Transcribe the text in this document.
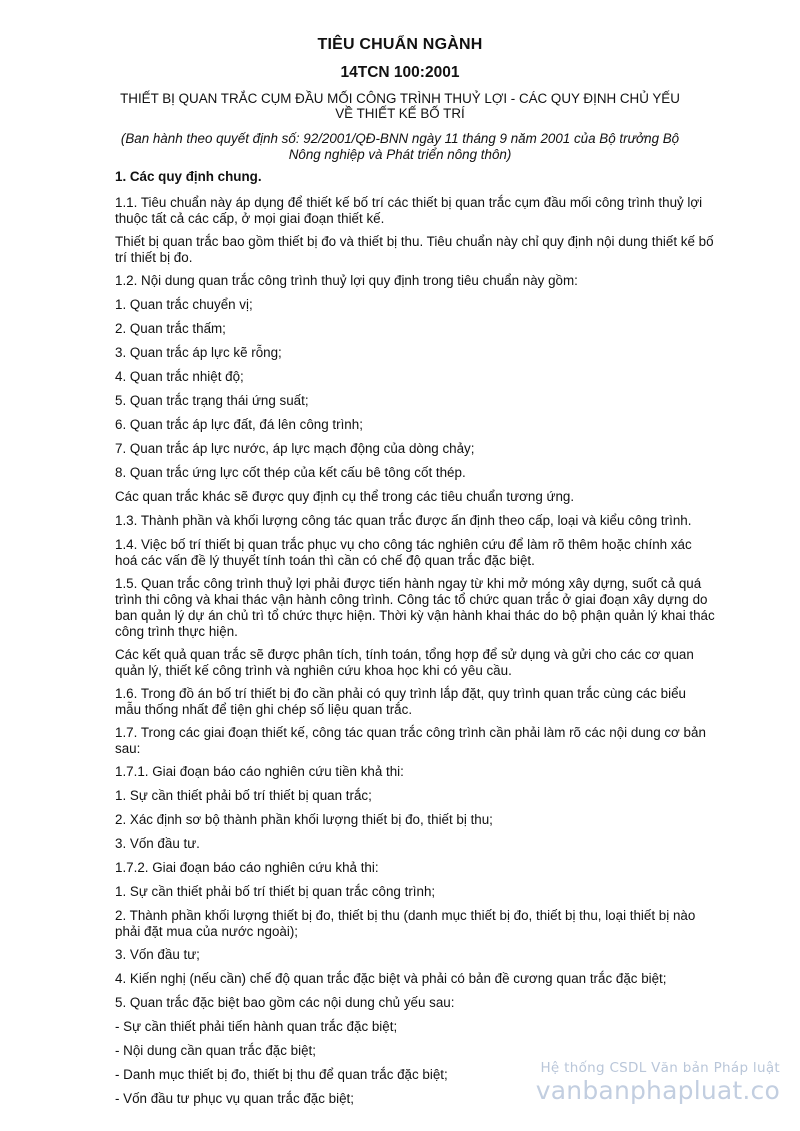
TIÊU CHUẨN NGÀNH
14TCN 100:2001
THIẾT BỊ QUAN TRẮC CỤM ĐẦU MỐI CÔNG TRÌNH THUỶ LỢI - CÁC QUY ĐỊNH CHỦ YẾU VỀ THIẾT KẾ BỐ TRÍ
(Ban hành theo quyết định số: 92/2001/QĐ-BNN ngày 11 tháng 9 năm 2001 của Bộ trưởng Bộ Nông nghiệp và Phát triển nông thôn)

1. Các quy định chung.

1.1. Tiêu chuẩn này áp dụng để thiết kế bố trí các thiết bị quan trắc cụm đầu mối công trình thuỷ lợi thuộc tất cả các cấp, ở mọi giai đoạn thiết kế.

Thiết bị quan trắc bao gồm thiết bị đo và thiết bị thu. Tiêu chuẩn này chỉ quy định nội dung thiết kế bố trí thiết bị đo.

1.2. Nội dung quan trắc công trình thuỷ lợi quy định trong tiêu chuẩn này gồm:

1. Quan trắc chuyển vị;

2. Quan trắc thấm;

3. Quan trắc áp lực kẽ rỗng;

4. Quan trắc nhiệt độ;

5. Quan trắc trạng thái ứng suất;

6. Quan trắc áp lực đất, đá lên công trình;

7. Quan trắc áp lực nước, áp lực mạch động của dòng chảy;

8. Quan trắc ứng lực cốt thép của kết cấu bê tông cốt thép.

Các quan trắc khác sẽ được quy định cụ thể trong các tiêu chuẩn tương ứng.

1.3. Thành phần và khối lượng công tác quan trắc được ấn định theo cấp, loại và kiểu công trình.

1.4. Việc bố trí thiết bị quan trắc phục vụ cho công tác nghiên cứu để làm rõ thêm hoặc chính xác hoá các vấn đề lý thuyết tính toán thì cần có chế độ quan trắc đặc biệt.

1.5. Quan trắc công trình thuỷ lợi phải được tiến hành ngay từ khi mở móng xây dựng, suốt cả quá trình thi công và khai thác vận hành công trình. Công tác tổ chức quan trắc ở giai đoạn xây dựng do ban quản lý dự án chủ trì tổ chức thực hiện. Thời kỳ vận hành khai thác do bộ phận quản lý khai thác công trình thực hiện.

Các kết quả quan trắc sẽ được phân tích, tính toán, tổng hợp để sử dụng và gửi cho các cơ quan quản lý, thiết kế công trình và nghiên cứu khoa học khi có yêu cầu.

1.6. Trong đồ án bố trí thiết bị đo cần phải có quy trình lắp đặt, quy trình quan trắc cùng các biểu mẫu thống nhất để tiện ghi chép số liệu quan trắc.

1.7. Trong các giai đoạn thiết kế, công tác quan trắc công trình cần phải làm rõ các nội dung cơ bản sau:

1.7.1. Giai đoạn báo cáo nghiên cứu tiền khả thi:

1. Sự cần thiết phải bố trí thiết bị quan trắc;

2. Xác định sơ bộ thành phần khối lượng thiết bị đo, thiết bị thu;

3. Vốn đầu tư.

1.7.2. Giai đoạn báo cáo nghiên cứu khả thi:

1. Sự cần thiết phải bố trí thiết bị quan trắc công trình;

2. Thành phần khối lượng thiết bị đo, thiết bị thu (danh mục thiết bị đo, thiết bị thu, loại thiết bị nào phải đặt mua của nước ngoài);

3. Vốn đầu tư;

4. Kiến nghị (nếu cần) chế độ quan trắc đặc biệt và phải có bản đề cương quan trắc đặc biệt;

5. Quan trắc đặc biệt bao gồm các nội dung chủ yếu sau:

- Sự cần thiết phải tiến hành quan trắc đặc biệt;

- Nội dung cần quan trắc đặc biệt;

- Danh mục thiết bị đo, thiết bị thu để quan trắc đặc biệt;

- Vốn đầu tư phục vụ quan trắc đặc biệt;

Hệ thống CSDL Văn bản Pháp luật
vanbanphapluat.co
